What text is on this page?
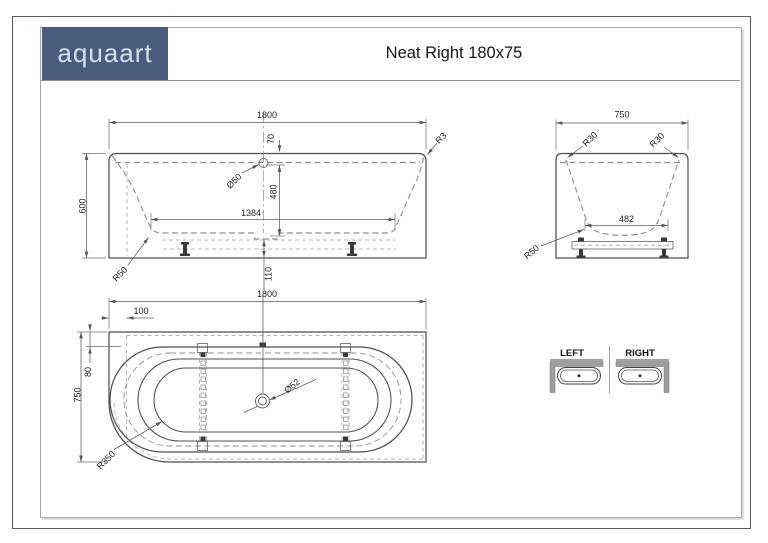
aquaart	Neat Right 180x75
1800
600
70
480
1384
110
Ø50
R50
R3
750
R30	R30
482
R50
1800
100
80
750
R350
Ø52
LEFT	RIGHT
